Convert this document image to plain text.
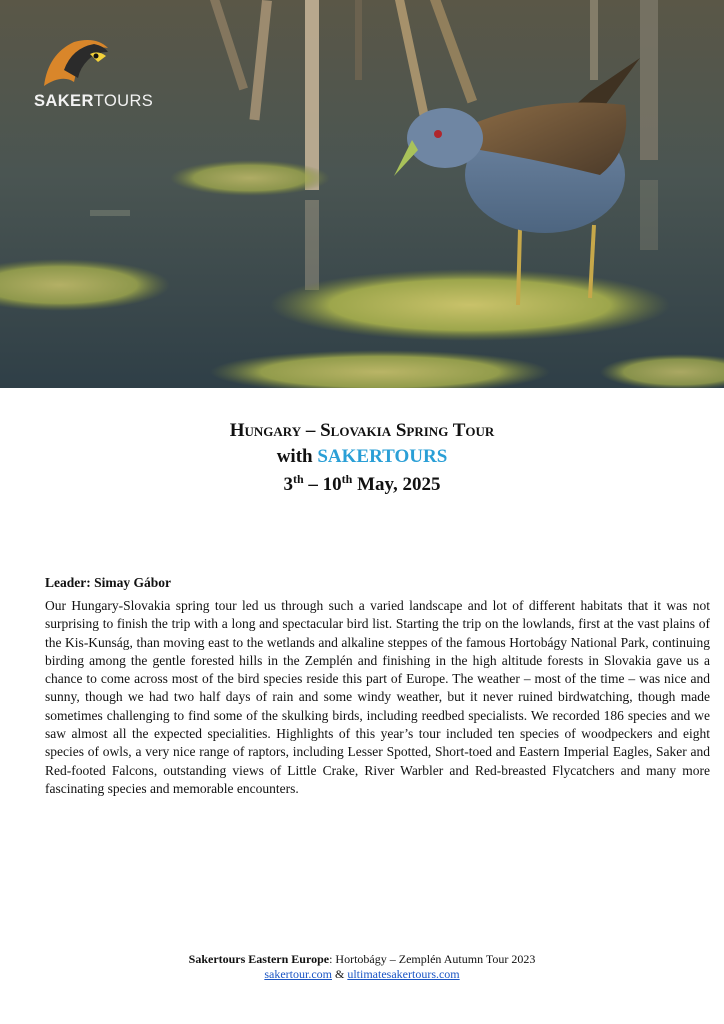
SAKERTOURS
Hungary – Slovakia Spring Tour
with SAKERTOURS
3th – 10th May, 2025

Leader: Simay Gábor

Our Hungary-Slovakia spring tour led us through such a varied landscape and lot of different habitats that it was not surprising to finish the trip with a long and spectacular bird list. Starting the trip on the lowlands, first at the vast plains of the Kis-Kunság, than moving east to the wetlands and alkaline steppes of the famous Hortobágy National Park, continuing birding among the gentle forested hills in the Zemplén and finishing in the high altitude forests in Slovakia gave us a chance to come across most of the bird species reside this part of Europe. The weather – most of the time – was nice and sunny, though we had two half days of rain and some windy weather, but it never ruined birdwatching, though made sometimes challenging to find some of the skulking birds, including reedbed specialists. We recorded 186 species and we saw almost all the expected specialities. Highlights of this year’s tour included ten species of woodpeckers and eight species of owls, a very nice range of raptors, including Lesser Spotted, Short-toed and Eastern Imperial Eagles, Saker and Red-footed Falcons, outstanding views of Little Crake, River Warbler and Red-breasted Flycatchers and many more fascinating species and memorable encounters.

Sakertours Eastern Europe: Hortobágy – Zemplén Autumn Tour 2023
sakertour.com & ultimatesakertours.com
